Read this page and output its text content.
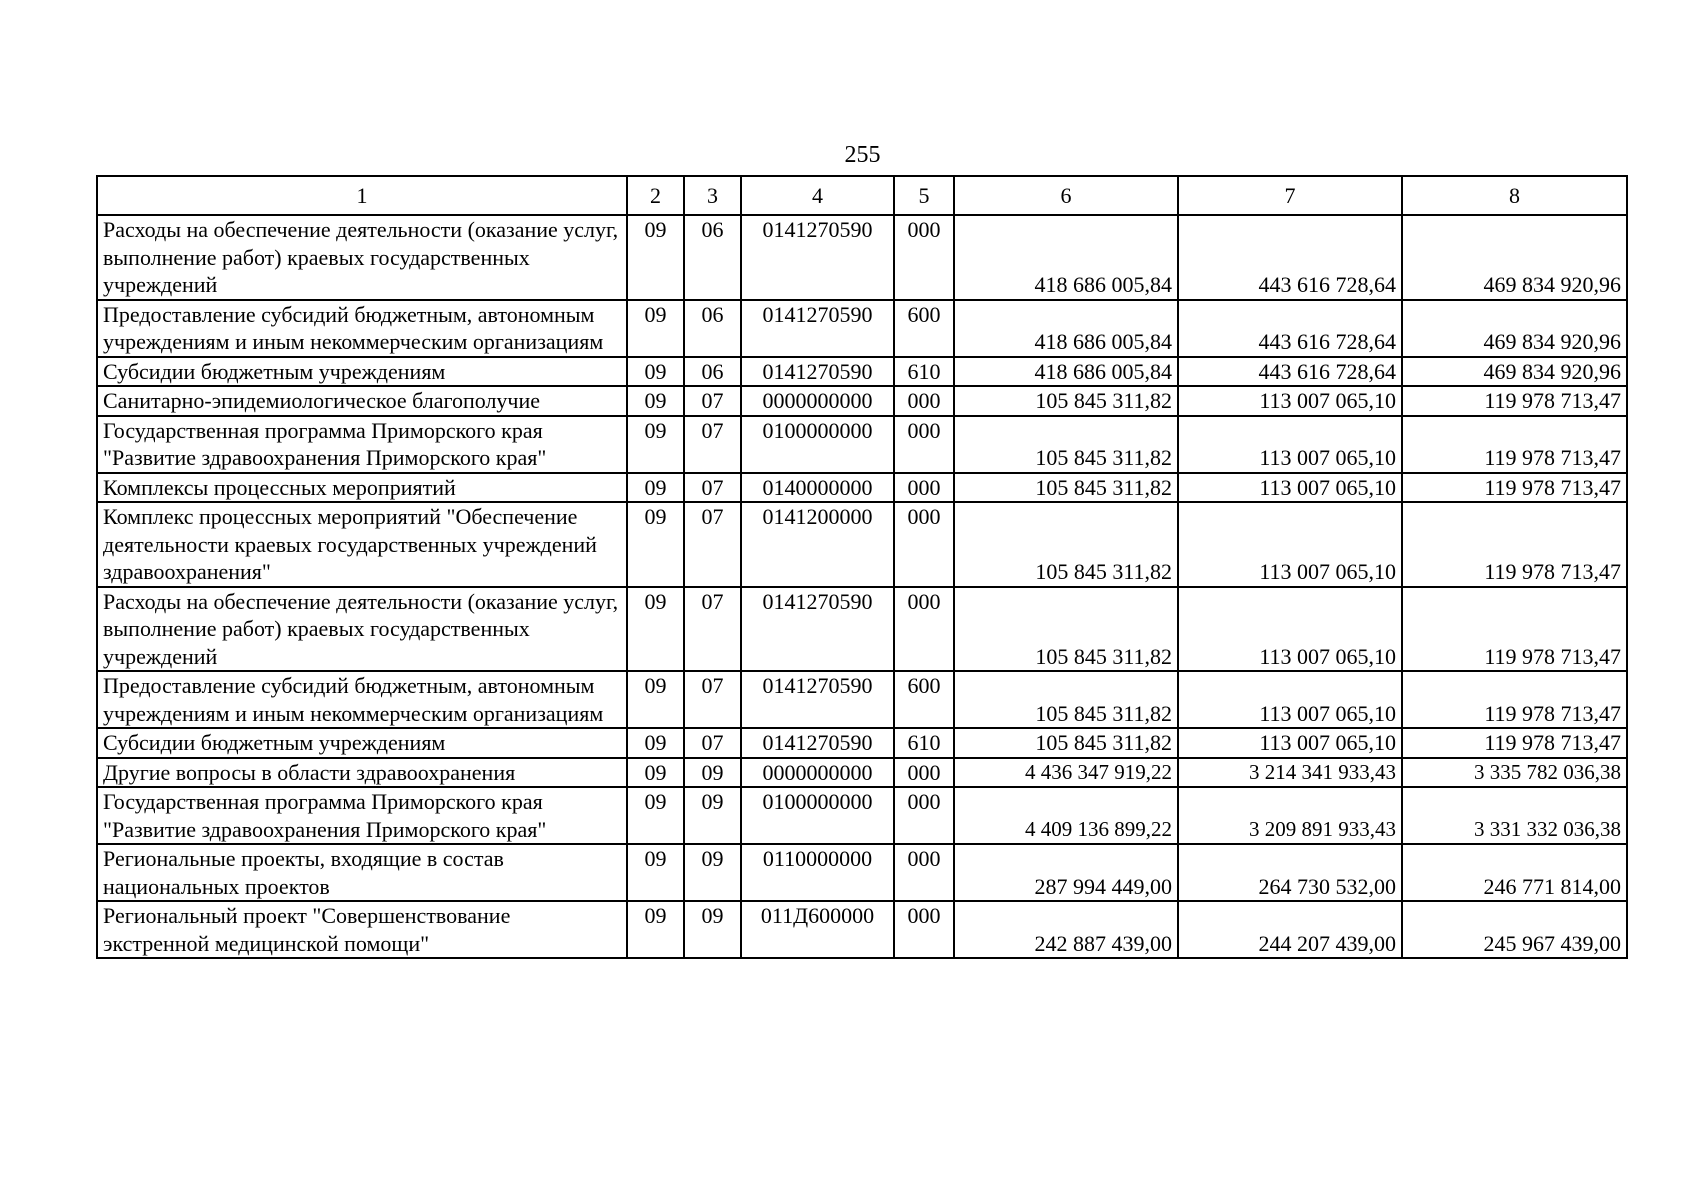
255
1	2	3	4	5	6	7	8
Расходы на обеспечение деятельности (оказание услуг, выполнение работ) краевых государственных учреждений	09	06	0141270590	000	418 686 005,84	443 616 728,64	469 834 920,96
Предоставление субсидий бюджетным, автономным учреждениям и иным некоммерческим организациям	09	06	0141270590	600	418 686 005,84	443 616 728,64	469 834 920,96
Субсидии бюджетным учреждениям	09	06	0141270590	610	418 686 005,84	443 616 728,64	469 834 920,96
Санитарно-эпидемиологическое благополучие	09	07	0000000000	000	105 845 311,82	113 007 065,10	119 978 713,47
Государственная программа Приморского края "Развитие здравоохранения Приморского края"	09	07	0100000000	000	105 845 311,82	113 007 065,10	119 978 713,47
Комплексы процессных мероприятий	09	07	0140000000	000	105 845 311,82	113 007 065,10	119 978 713,47
Комплекс процессных мероприятий "Обеспечение деятельности краевых государственных учреждений здравоохранения"	09	07	0141200000	000	105 845 311,82	113 007 065,10	119 978 713,47
Расходы на обеспечение деятельности (оказание услуг, выполнение работ) краевых государственных учреждений	09	07	0141270590	000	105 845 311,82	113 007 065,10	119 978 713,47
Предоставление субсидий бюджетным, автономным учреждениям и иным некоммерческим организациям	09	07	0141270590	600	105 845 311,82	113 007 065,10	119 978 713,47
Субсидии бюджетным учреждениям	09	07	0141270590	610	105 845 311,82	113 007 065,10	119 978 713,47
Другие вопросы в области здравоохранения	09	09	0000000000	000	4 436 347 919,22	3 214 341 933,43	3 335 782 036,38
Государственная программа Приморского края "Развитие здравоохранения Приморского края"	09	09	0100000000	000	4 409 136 899,22	3 209 891 933,43	3 331 332 036,38
Региональные проекты, входящие в состав национальных проектов	09	09	0110000000	000	287 994 449,00	264 730 532,00	246 771 814,00
Региональный проект "Совершенствование экстренной медицинской помощи"	09	09	011Д600000	000	242 887 439,00	244 207 439,00	245 967 439,00
